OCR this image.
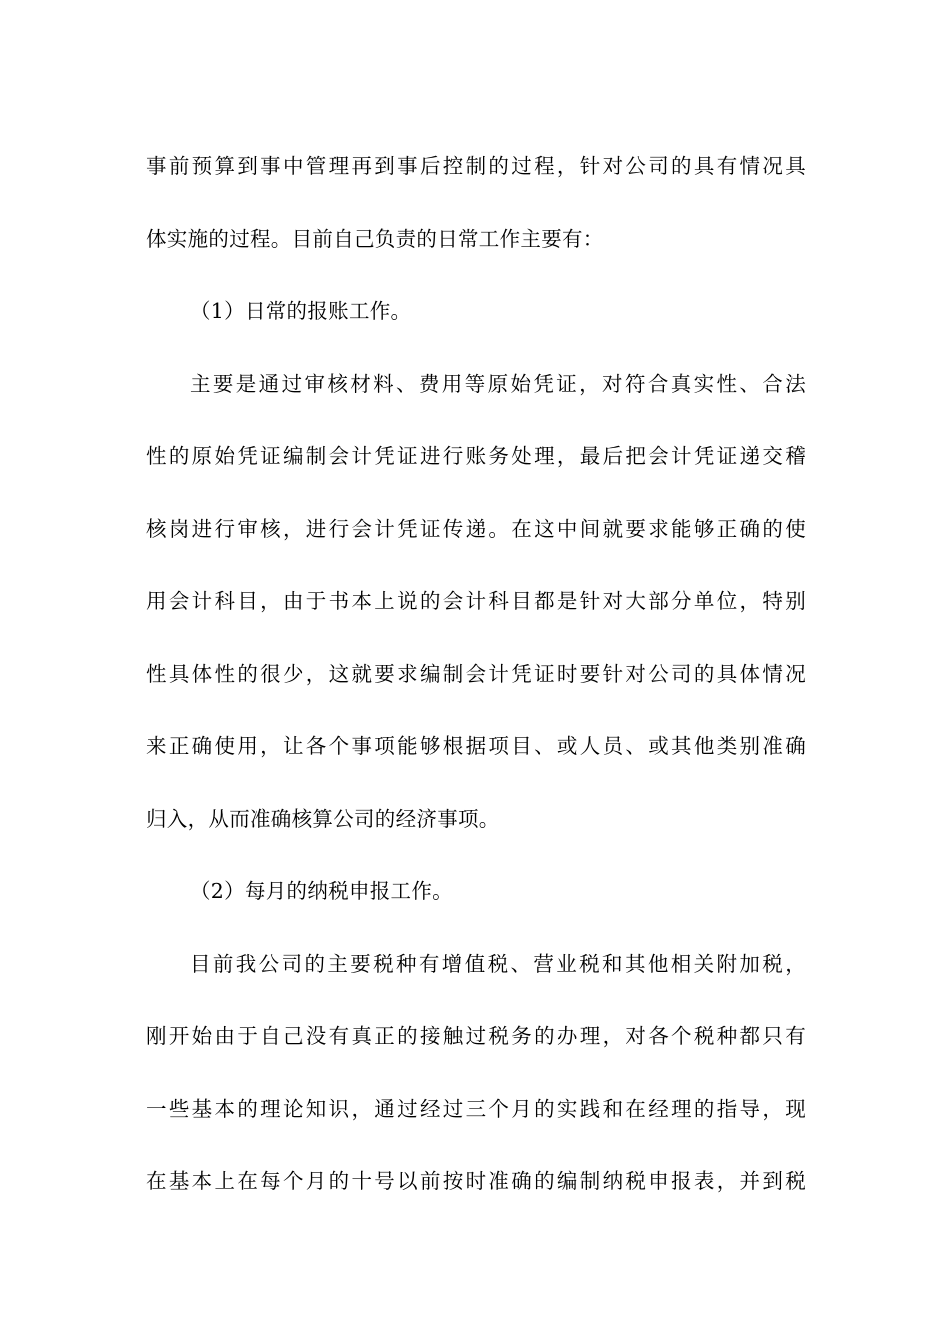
事前预算到事中管理再到事后控制的过程，针对公司的具有情况具
体实施的过程。目前自己负责的日常工作主要有：
（1）日常的报账工作。
主要是通过审核材料、费用等原始凭证，对符合真实性、合法
性的原始凭证编制会计凭证进行账务处理，最后把会计凭证递交稽
核岗进行审核，进行会计凭证传递。在这中间就要求能够正确的使
用会计科目，由于书本上说的会计科目都是针对大部分单位，特别
性具体性的很少，这就要求编制会计凭证时要针对公司的具体情况
来正确使用，让各个事项能够根据项目、或人员、或其他类别准确
归入，从而准确核算公司的经济事项。
（2）每月的纳税申报工作。
目前我公司的主要税种有增值税、营业税和其他相关附加税，
刚开始由于自己没有真正的接触过税务的办理，对各个税种都只有
一些基本的理论知识，通过经过三个月的实践和在经理的指导，现
在基本上在每个月的十号以前按时准确的编制纳税申报表，并到税
